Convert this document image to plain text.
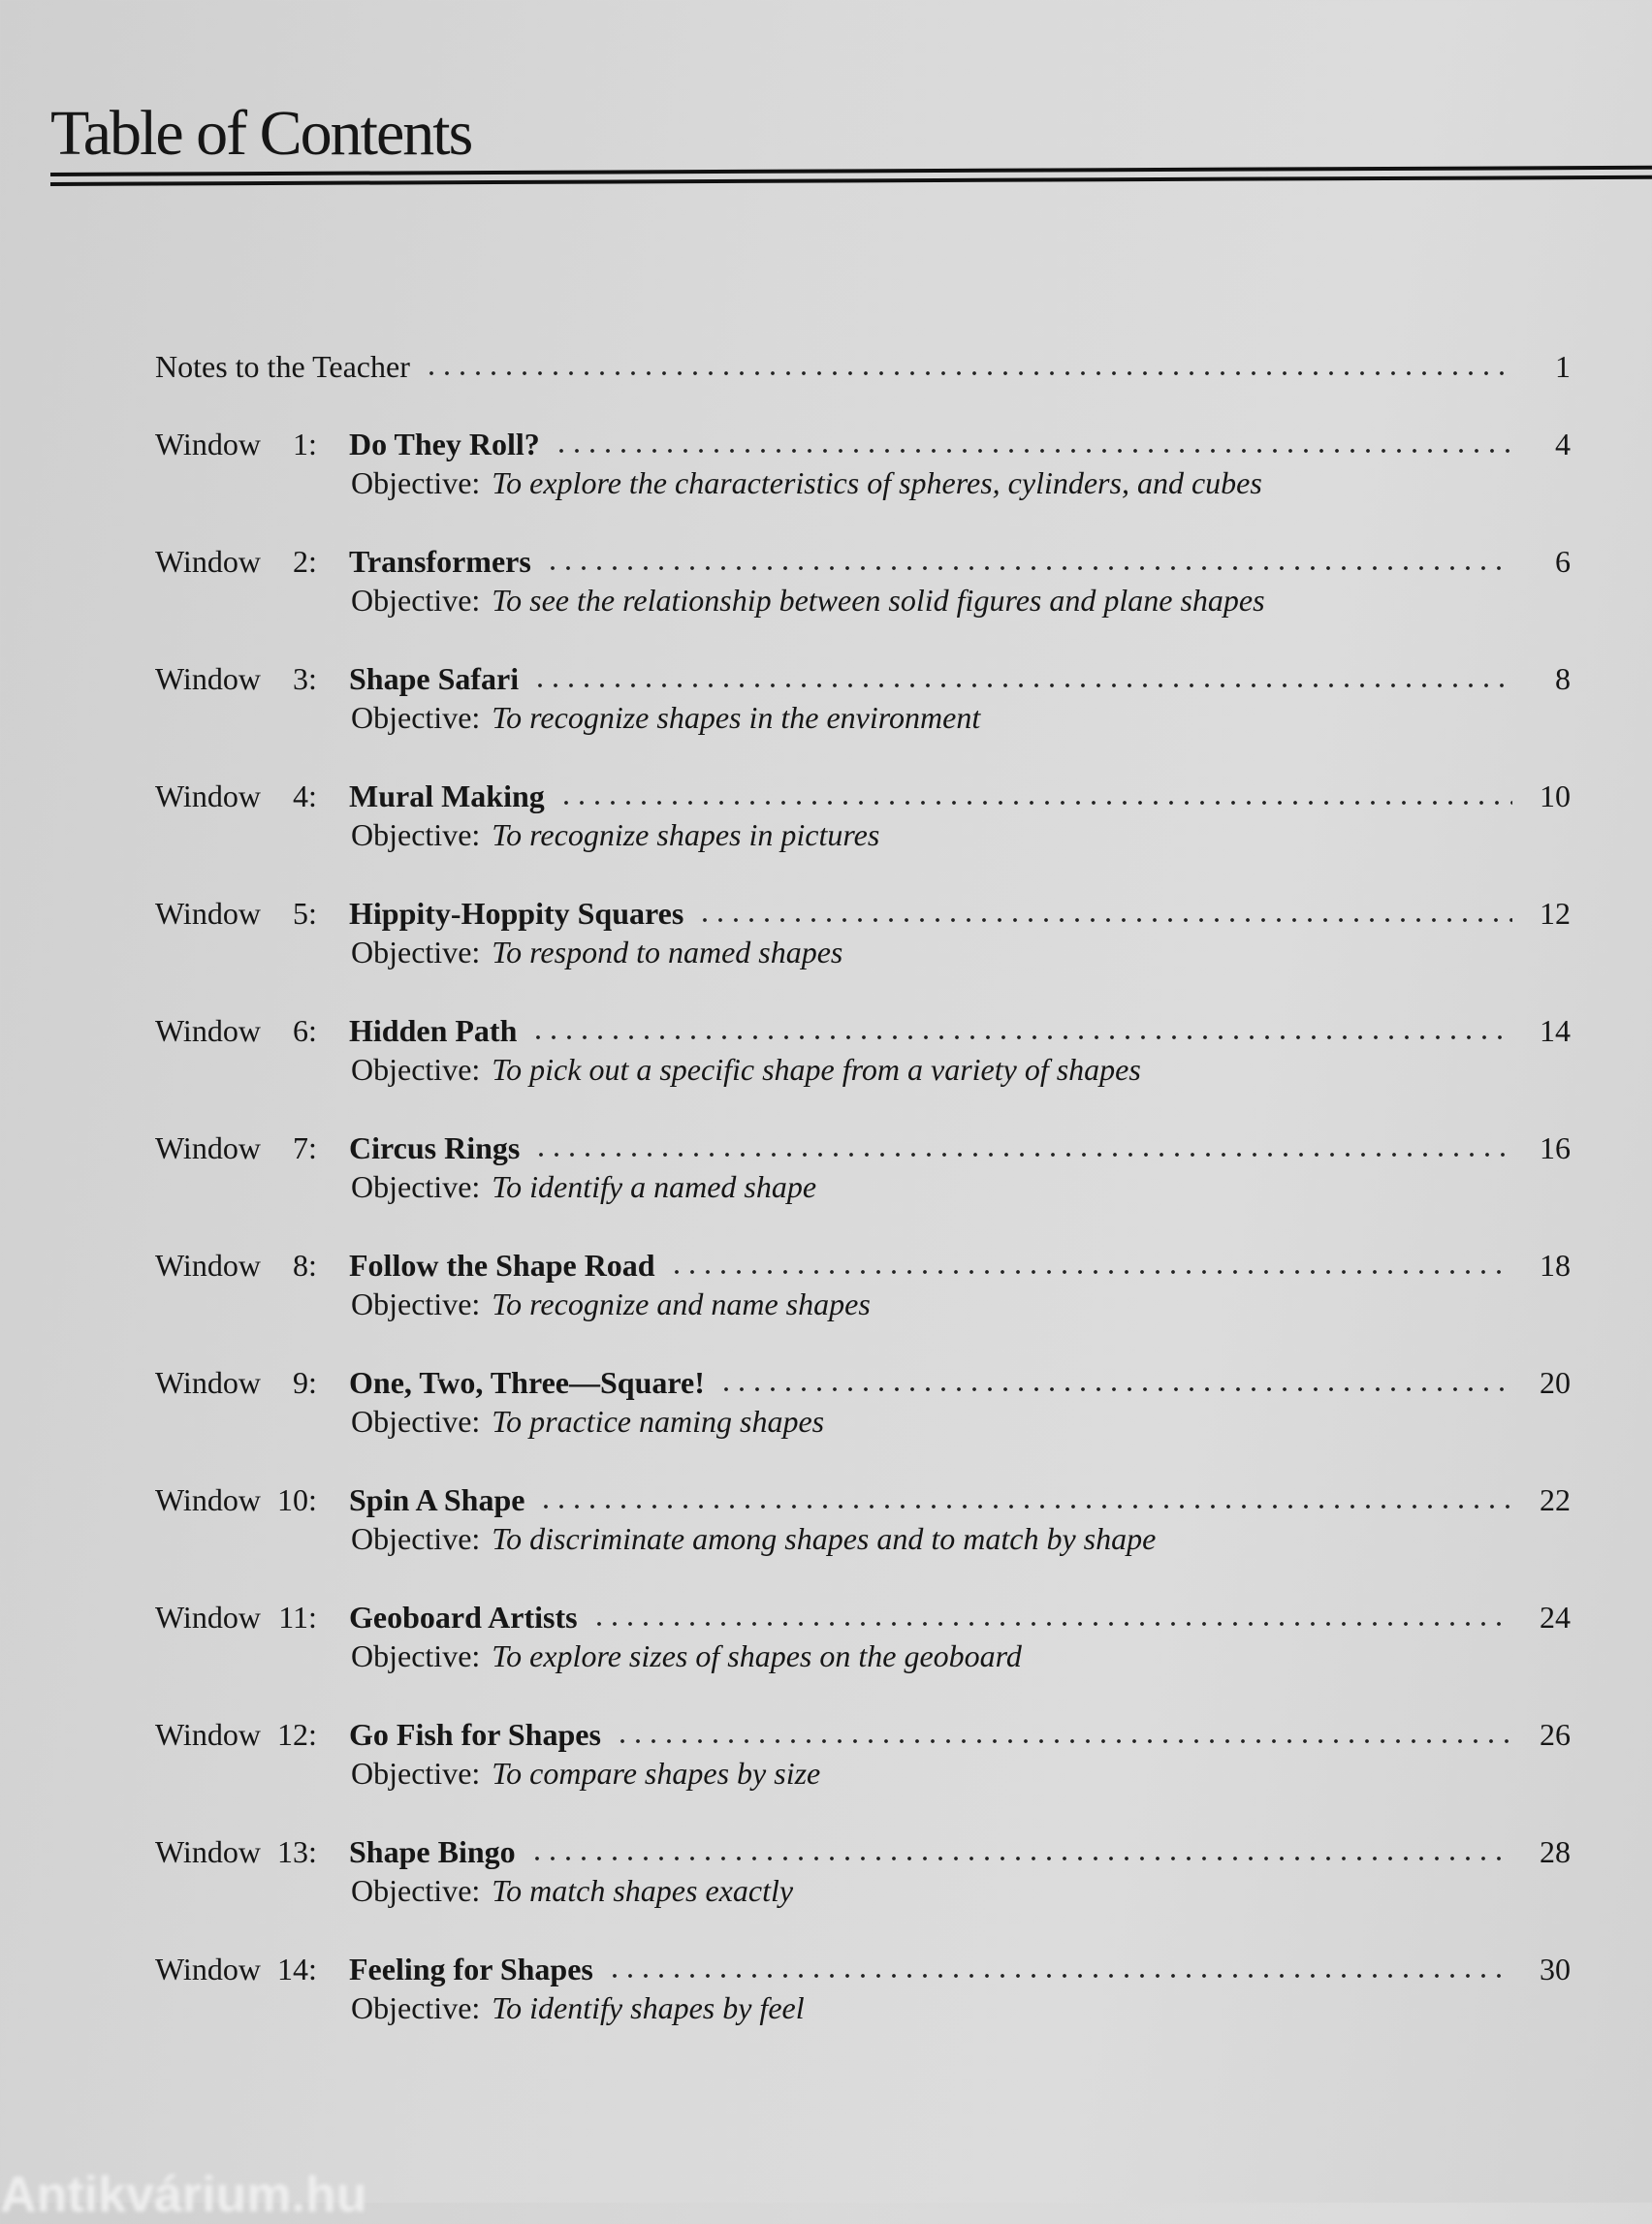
Table of Contents
Notes to the Teacher	1
Window 1:	Do They Roll?	4
Objective: To explore the characteristics of spheres, cylinders, and cubes
Window 2:	Transformers	6
Objective: To see the relationship between solid figures and plane shapes
Window 3:	Shape Safari	8
Objective: To recognize shapes in the environment
Window 4:	Mural Making	10
Objective: To recognize shapes in pictures
Window 5:	Hippity-Hoppity Squares	12
Objective: To respond to named shapes
Window 6:	Hidden Path	14
Objective: To pick out a specific shape from a variety of shapes
Window 7:	Circus Rings	16
Objective: To identify a named shape
Window 8:	Follow the Shape Road	18
Objective: To recognize and name shapes
Window 9:	One, Two, Three—Square!	20
Objective: To practice naming shapes
Window 10:	Spin A Shape	22
Objective: To discriminate among shapes and to match by shape
Window 11:	Geoboard Artists	24
Objective: To explore sizes of shapes on the geoboard
Window 12:	Go Fish for Shapes	26
Objective: To compare shapes by size
Window 13:	Shape Bingo	28
Objective: To match shapes exactly
Window 14:	Feeling for Shapes	30
Objective: To identify shapes by feel
Antikvárium.hu
